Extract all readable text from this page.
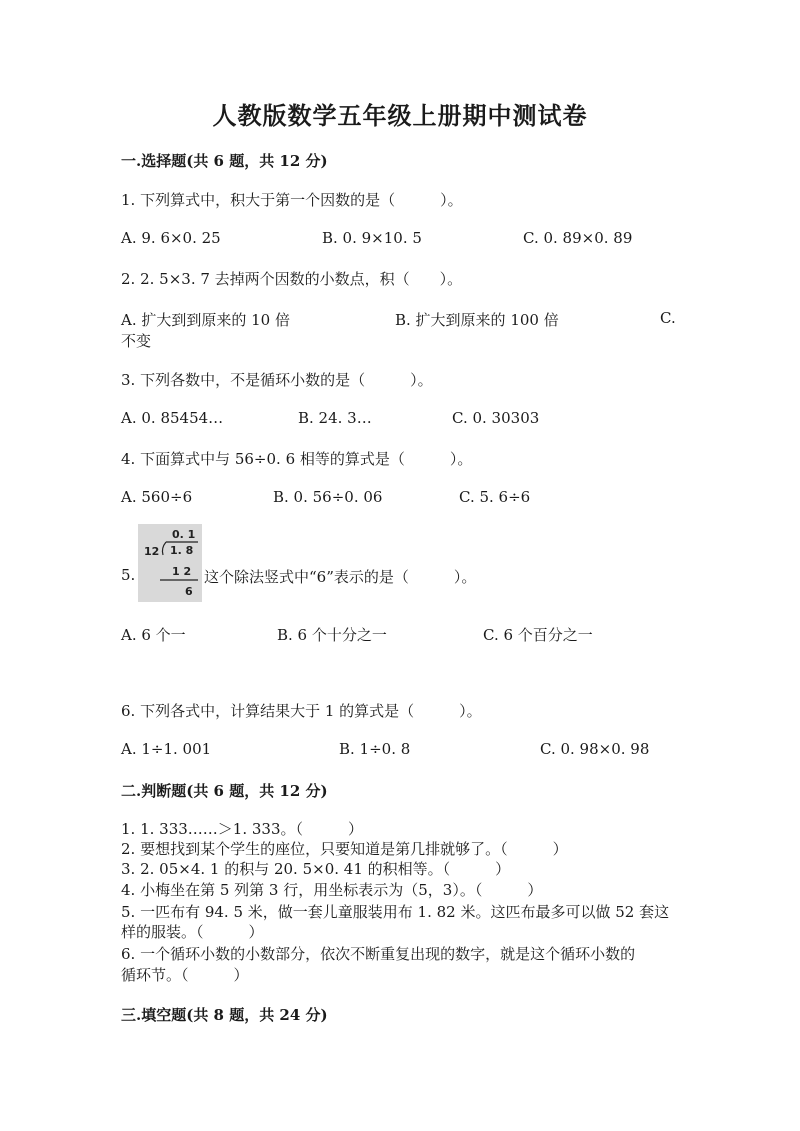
人教版数学五年级上册期中测试卷
一.选择题(共 6 题，共 12 分)
1. 下列算式中，积大于第一个因数的是（　　　）。
A. 9. 6×0. 25	B. 0. 9×10. 5	C. 0. 89×0. 89
2. 2. 5×3. 7 去掉两个因数的小数点，积（　　）。
A. 扩大到到原来的 10 倍	B. 扩大到原来的 100 倍	C.
不变
3. 下列各数中，不是循环小数的是（　　　）。
A. 0. 85454…	B. 24. 3…	C. 0. 30303
4. 下面算式中与 56÷0. 6 相等的算式是（　　　）。
A. 560÷6	B. 0. 56÷0. 06	C. 5. 6÷6
5.
0. 1
12 1. 8
1 2
6
这个除法竖式中“6”表示的是（　　　）。
A. 6 个一	B. 6 个十分之一	C. 6 个百分之一
6. 下列各式中，计算结果大于 1 的算式是（　　　）。
A. 1÷1. 001	B. 1÷0. 8	C. 0. 98×0. 98
二.判断题(共 6 题，共 12 分)
1. 1. 333……＞1. 333。（　　　）
2. 要想找到某个学生的座位，只要知道是第几排就够了。（　　　）
3. 2. 05×4. 1 的积与 20. 5×0. 41 的积相等。（　　　）
4. 小梅坐在第 5 列第 3 行，用坐标表示为（5，3）。（　　　）
5. 一匹布有 94. 5 米，做一套儿童服装用布 1. 82 米。这匹布最多可以做 52 套这
样的服装。（　　　）
6. 一个循环小数的小数部分，依次不断重复出现的数字，就是这个循环小数的
循环节。（　　　）
三.填空题(共 8 题，共 24 分)
